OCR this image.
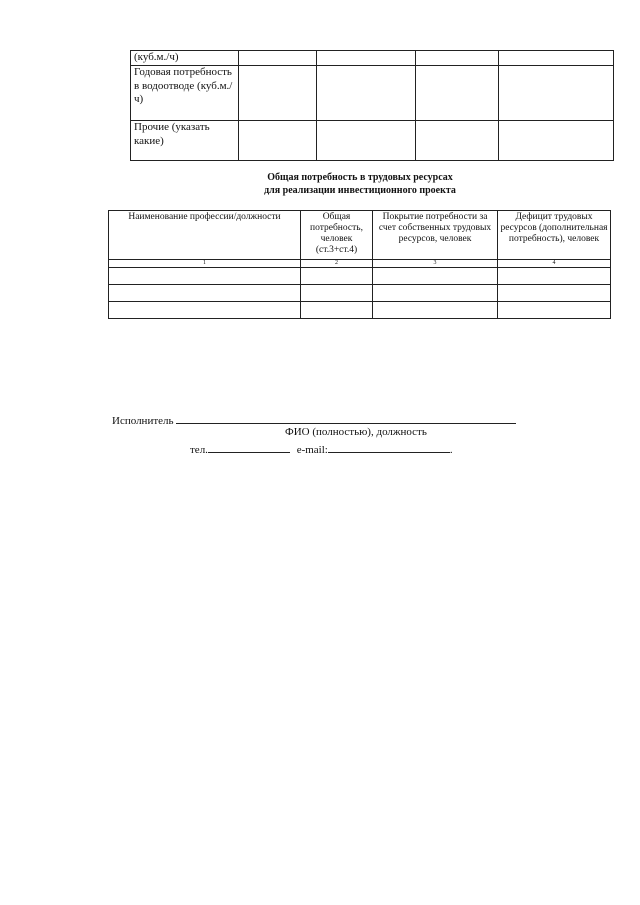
(куб.м./ч)				
Годовая потребность в водоотводе (куб.м./ч)				
Прочие (указать какие)				
Общая потребность в трудовых ресурсах
для реализации инвестиционного проекта
Наименование профессии/должности	Общая потребность, человек (ст.3+ст.4)	Покрытие потребности за счет собственных трудовых ресурсов, человек	Дефицит трудовых ресурсов (дополнительная потребность), человек
1	2	3	4

Исполнитель
ФИО (полностью), должность
тел.	e-mail:	.
